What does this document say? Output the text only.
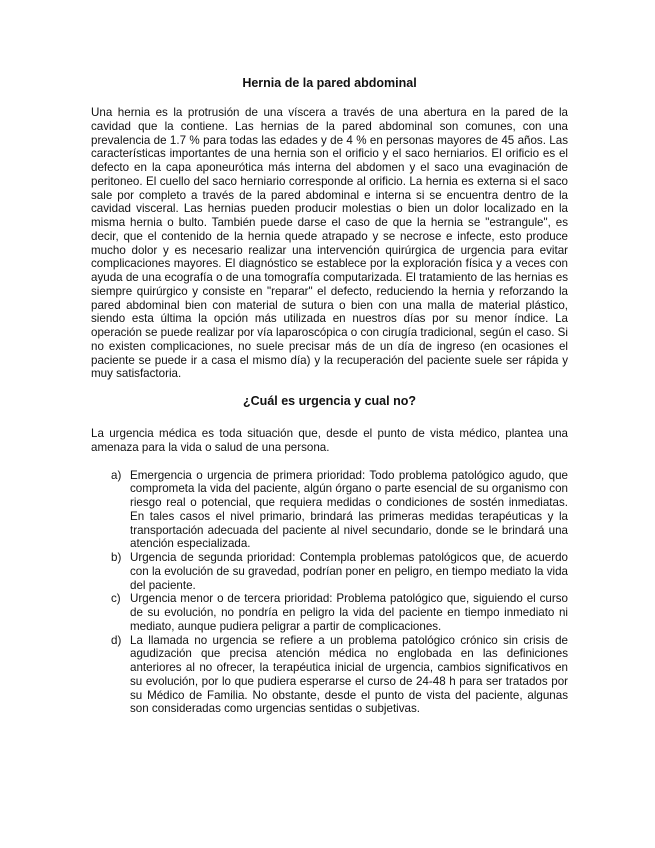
Hernia de la pared abdominal

Una hernia es la protrusión de una víscera a través de una abertura en la pared de la cavidad que la contiene. Las hernias de la pared abdominal son comunes, con una prevalencia de 1.7 % para todas las edades y de 4 % en personas mayores de 45 años. Las características importantes de una hernia son el orificio y el saco herniarios. El orificio es el defecto en la capa aponeurótica más interna del abdomen y el saco una evaginación de peritoneo. El cuello del saco herniario corresponde al orificio. La hernia es externa si el saco sale por completo a través de la pared abdominal e interna si se encuentra dentro de la cavidad visceral. Las hernias pueden producir molestias o bien un dolor localizado en la misma hernia o bulto. También puede darse el caso de que la hernia se "estrangule", es decir, que el contenido de la hernia quede atrapado y se necrose e infecte, esto produce mucho dolor y es necesario realizar una intervención quirúrgica de urgencia para evitar complicaciones mayores. El diagnóstico se establece por la exploración física y a veces con ayuda de una ecografía o de una tomografía computarizada. El tratamiento de las hernias es siempre quirúrgico y consiste en "reparar" el defecto, reduciendo la hernia y reforzando la pared abdominal bien con material de sutura o bien con una malla de material plástico, siendo esta última la opción más utilizada en nuestros días por su menor índice. La operación se puede realizar por vía laparoscópica o con cirugía tradicional, según el caso. Si no existen complicaciones, no suele precisar más de un día de ingreso (en ocasiones el paciente se puede ir a casa el mismo día) y la recuperación del paciente suele ser rápida y muy satisfactoria.

¿Cuál es urgencia y cual no?

La urgencia médica es toda situación que, desde el punto de vista médico, plantea una amenaza para la vida o salud de una persona.

a) Emergencia o urgencia de primera prioridad: Todo problema patológico agudo, que comprometa la vida del paciente, algún órgano o parte esencial de su organismo con riesgo real o potencial, que requiera medidas o condiciones de sostén inmediatas. En tales casos el nivel primario, brindará las primeras medidas terapéuticas y la transportación adecuada del paciente al nivel secundario, donde se le brindará una atención especializada.
b) Urgencia de segunda prioridad: Contempla problemas patológicos que, de acuerdo con la evolución de su gravedad, podrían poner en peligro, en tiempo mediato la vida del paciente.
c) Urgencia menor o de tercera prioridad: Problema patológico que, siguiendo el curso de su evolución, no pondría en peligro la vida del paciente en tiempo inmediato ni mediato, aunque pudiera peligrar a partir de complicaciones.
d) La llamada no urgencia se refiere a un problema patológico crónico sin crisis de agudización que precisa atención médica no englobada en las definiciones anteriores al no ofrecer, la terapéutica inicial de urgencia, cambios significativos en su evolución, por lo que pudiera esperarse el curso de 24-48 h para ser tratados por su Médico de Familia. No obstante, desde el punto de vista del paciente, algunas son consideradas como urgencias sentidas o subjetivas.
